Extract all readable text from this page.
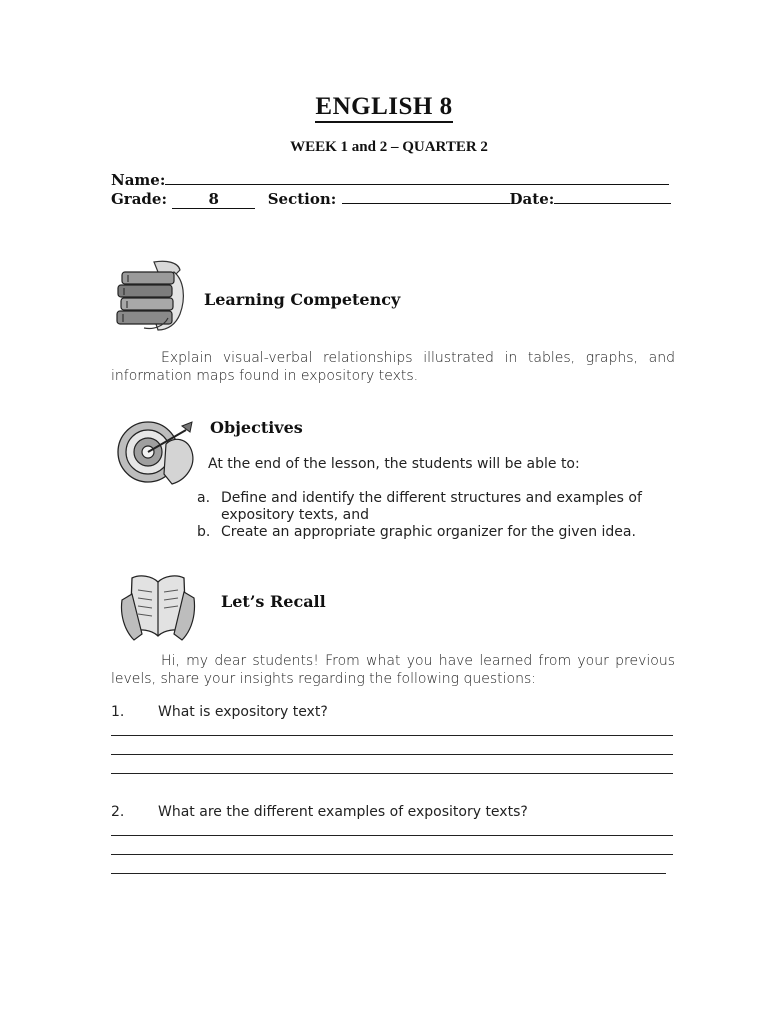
ENGLISH 8
WEEK 1 and 2 – QUARTER 2
Name:
Grade:	8	Section:	Date:
Learning Competency
Explain visual-verbal relationships illustrated in tables, graphs, and information maps found in expository texts.
Objectives
At the end of the lesson, the students will be able to:
a. Define and identify the different structures and examples of expository texts, and
b. Create an appropriate graphic organizer for the given idea.
Let’s Recall
Hi, my dear students! From what you have learned from your previous levels, share your insights regarding the following questions:
1. What is expository text?
2. What are the different examples of expository texts?
